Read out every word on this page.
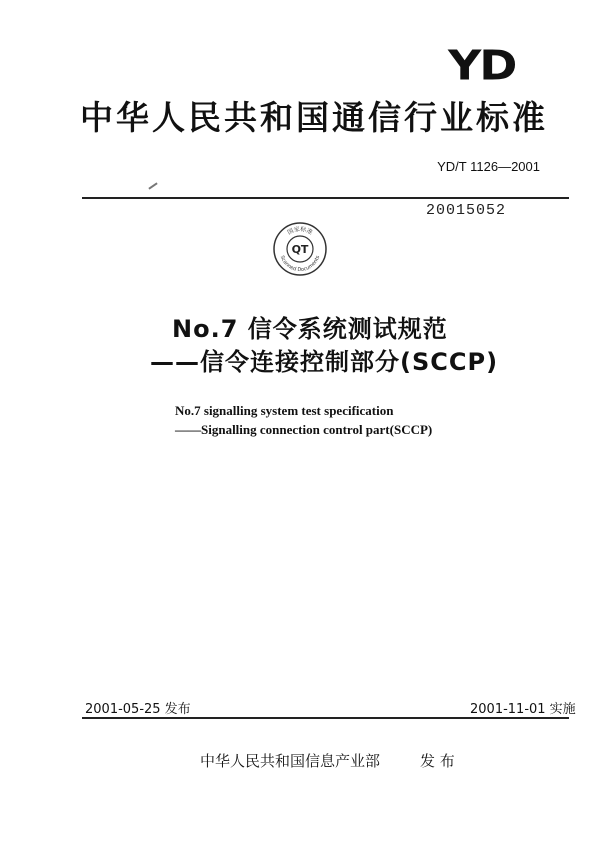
YD
中华人民共和国通信行业标准
YD/T 1126—2001
20015052
国家标准
Scanned Documents
QT
No.7 信令系统测试规范
——信令连接控制部分(SCCP)
No.7 signalling system test specification
——Signalling connection control part(SCCP)
2001-05-25 发布	2001-11-01 实施
中华人民共和国信息产业部	发 布
